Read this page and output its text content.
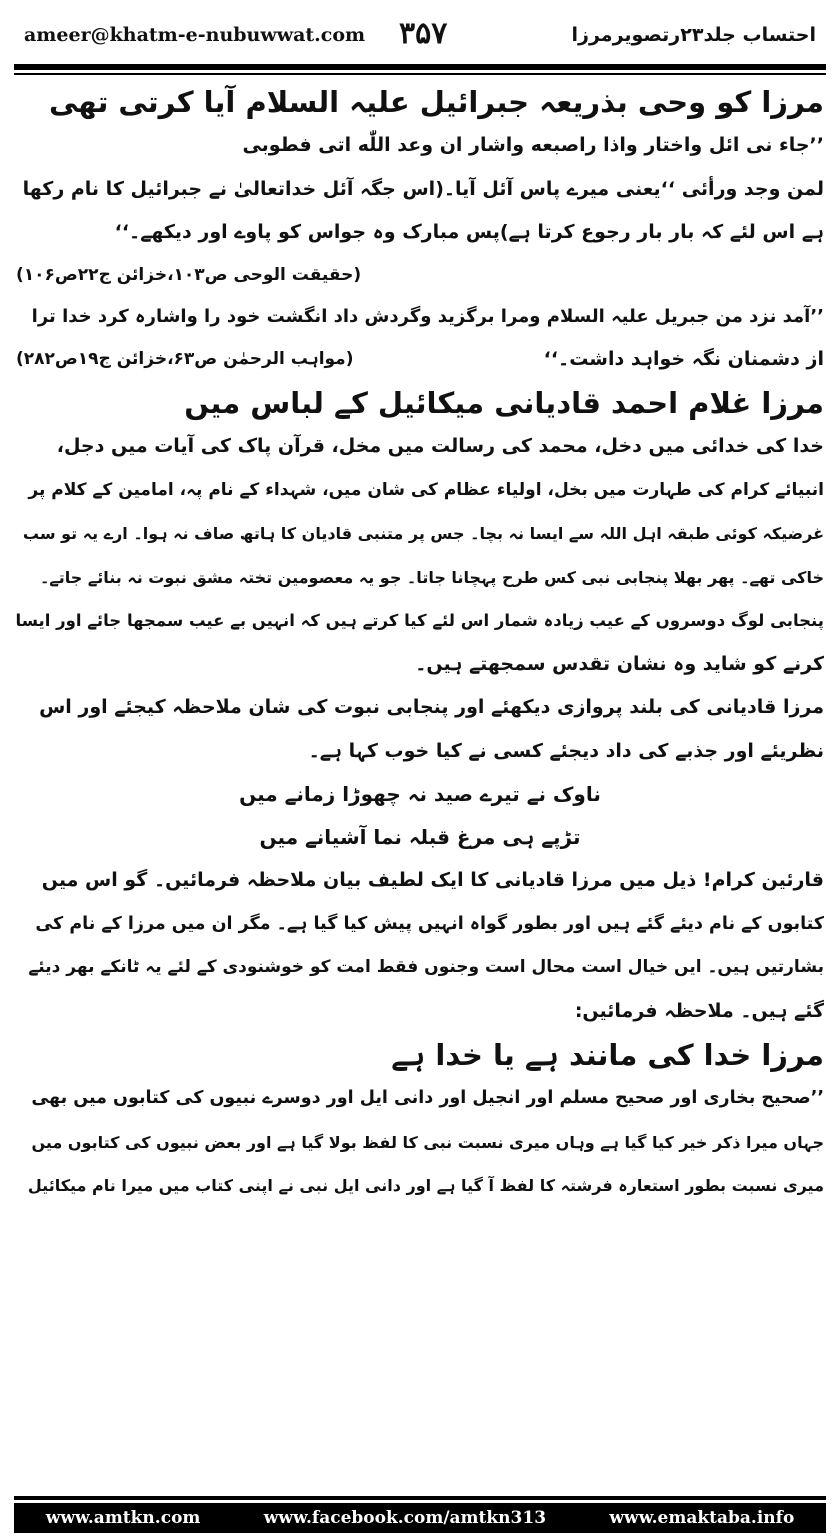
ameer@khatm-e-nubuwwat.com ۳۵۷	احتساب جلد۲۳رتصویرمرزا

مرزا کو وحی بذریعہ جبرائیل علیہ السلام آیا کرتی تھی

’’جاء نی ائل واختار واذا راصبعه واشار ان وعد اللّٰه اتی فطوبی

لمن وجد ورأئی ‘‘یعنی میرے پاس آئل آیا۔(اس جگہ آئل خداتعالیٰ نے جبرائیل کا نام رکھا

ہے اس لئے کہ بار بار رجوع کرتا ہے)پس مبارک وہ جواس کو پاوے اور دیکھے۔‘‘

(حقیقت الوحی ص۱۰۳،خزائن ج۲۲ص۱۰۶)

’’آمد نزد من جبریل علیہ السلام ومرا برگزید وگردش داد انگشت خود را واشارہ کرد خدا ترا

از دشمنان نگہ خواہد داشت۔‘‘
(مواہب الرحمٰن ص۶۳،خزائن ج۱۹ص۲۸۲)

مرزا غلام احمد قادیانی میکائیل کے لباس میں

خدا کی خدائی میں دخل، محمد کی رسالت میں مخل، قرآن پاک کی آیات میں دجل،

انبیائے کرام کی طہارت میں بخل، اولیاء عظام کی شان میں، شہداء کے نام پہ، امامین کے کلام پر

غرضیکہ کوئی طبقہ اہل اللہ سے ایسا نہ بچا۔ جس پر متنبی قادیان کا ہاتھ صاف نہ ہوا۔ ارے یہ تو سب

خاکی تھے۔ پھر بھلا پنجابی نبی کس طرح پہچانا جاتا۔ جو یہ معصومین تختہ مشق نبوت نہ بنائے جاتے۔

پنجابی لوگ دوسروں کے عیب زیادہ شمار اس لئے کیا کرتے ہیں کہ انہیں بے عیب سمجھا جائے اور ایسا

کرنے کو شاید وہ نشان تقدس سمجھتے ہیں۔

مرزا قادیانی کی بلند پروازی دیکھئے اور پنجابی نبوت کی شان ملاحظہ کیجئے اور اس

نظریئے اور جذبے کی داد دیجئے کسی نے کیا خوب کہا ہے۔

ناوک نے تیرے صید نہ چھوڑا زمانے میں

تڑپے ہی مرغ قبلہ نما آشیانے میں

قارئین کرام! ذیل میں مرزا قادیانی کا ایک لطیف بیان ملاحظہ فرمائیں۔ گو اس میں

کتابوں کے نام دیئے گئے ہیں اور بطور گواہ انہیں پیش کیا گیا ہے۔ مگر ان میں مرزا کے نام کی

بشارتیں ہیں۔ ایں خیال است محال است وجنوں فقط امت کو خوشنودی کے لئے یہ ٹانکے بھر دیئے

گئے ہیں۔ ملاحظہ فرمائیں:

مرزا خدا کی مانند ہے یا خدا ہے

’’صحیح بخاری اور صحیح مسلم اور انجیل اور دانی ایل اور دوسرے نبیوں کی کتابوں میں بھی

جہاں میرا ذکر خیر کیا گیا ہے وہاں میری نسبت نبی کا لفظ بولا گیا ہے اور بعض نبیوں کی کتابوں میں

میری نسبت بطور استعارہ فرشتہ کا لفظ آ گیا ہے اور دانی ایل نبی نے اپنی کتاب میں میرا نام میکائیل

www.amtkn.com	www.facebook.com/amtkn313	www.emaktaba.info
